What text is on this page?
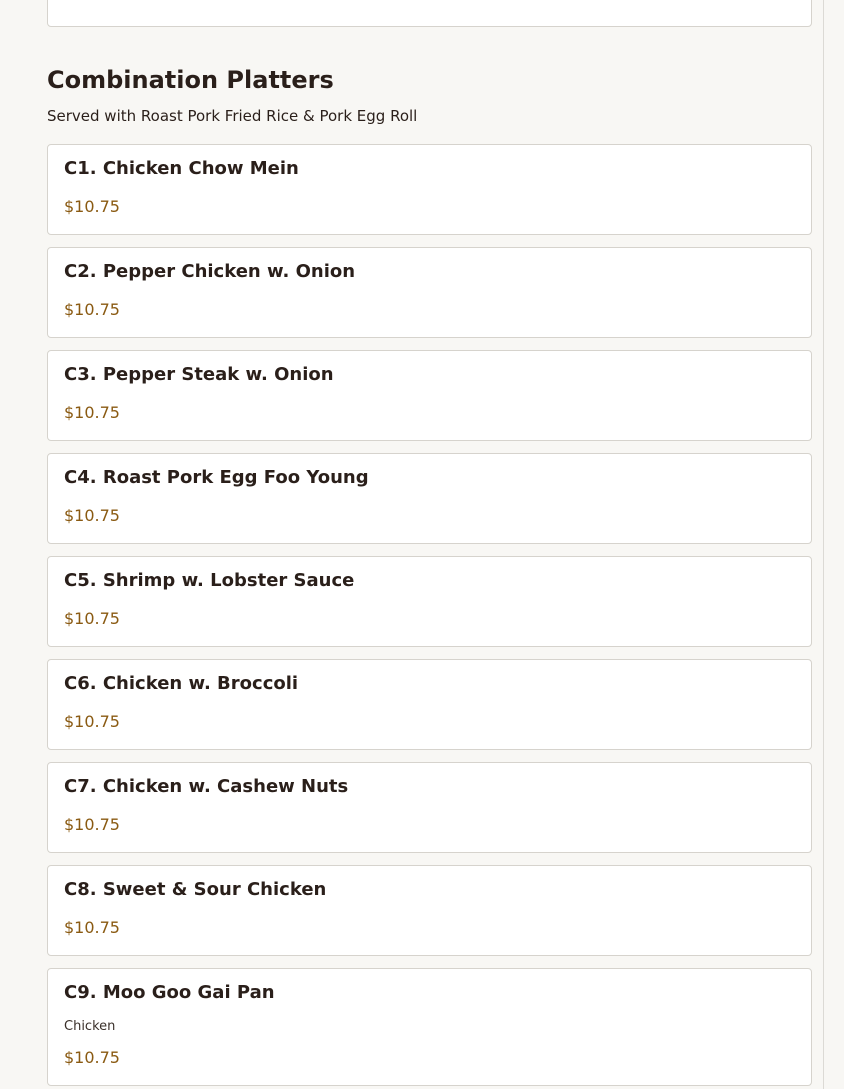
Combination Platters
Served with Roast Pork Fried Rice & Pork Egg Roll
C1. Chicken Chow Mein
$10.75
C2. Pepper Chicken w. Onion
$10.75
C3. Pepper Steak w. Onion
$10.75
C4. Roast Pork Egg Foo Young
$10.75
C5. Shrimp w. Lobster Sauce
$10.75
C6. Chicken w. Broccoli
$10.75
C7. Chicken w. Cashew Nuts
$10.75
C8. Sweet & Sour Chicken
$10.75
C9. Moo Goo Gai Pan
Chicken
$10.75
